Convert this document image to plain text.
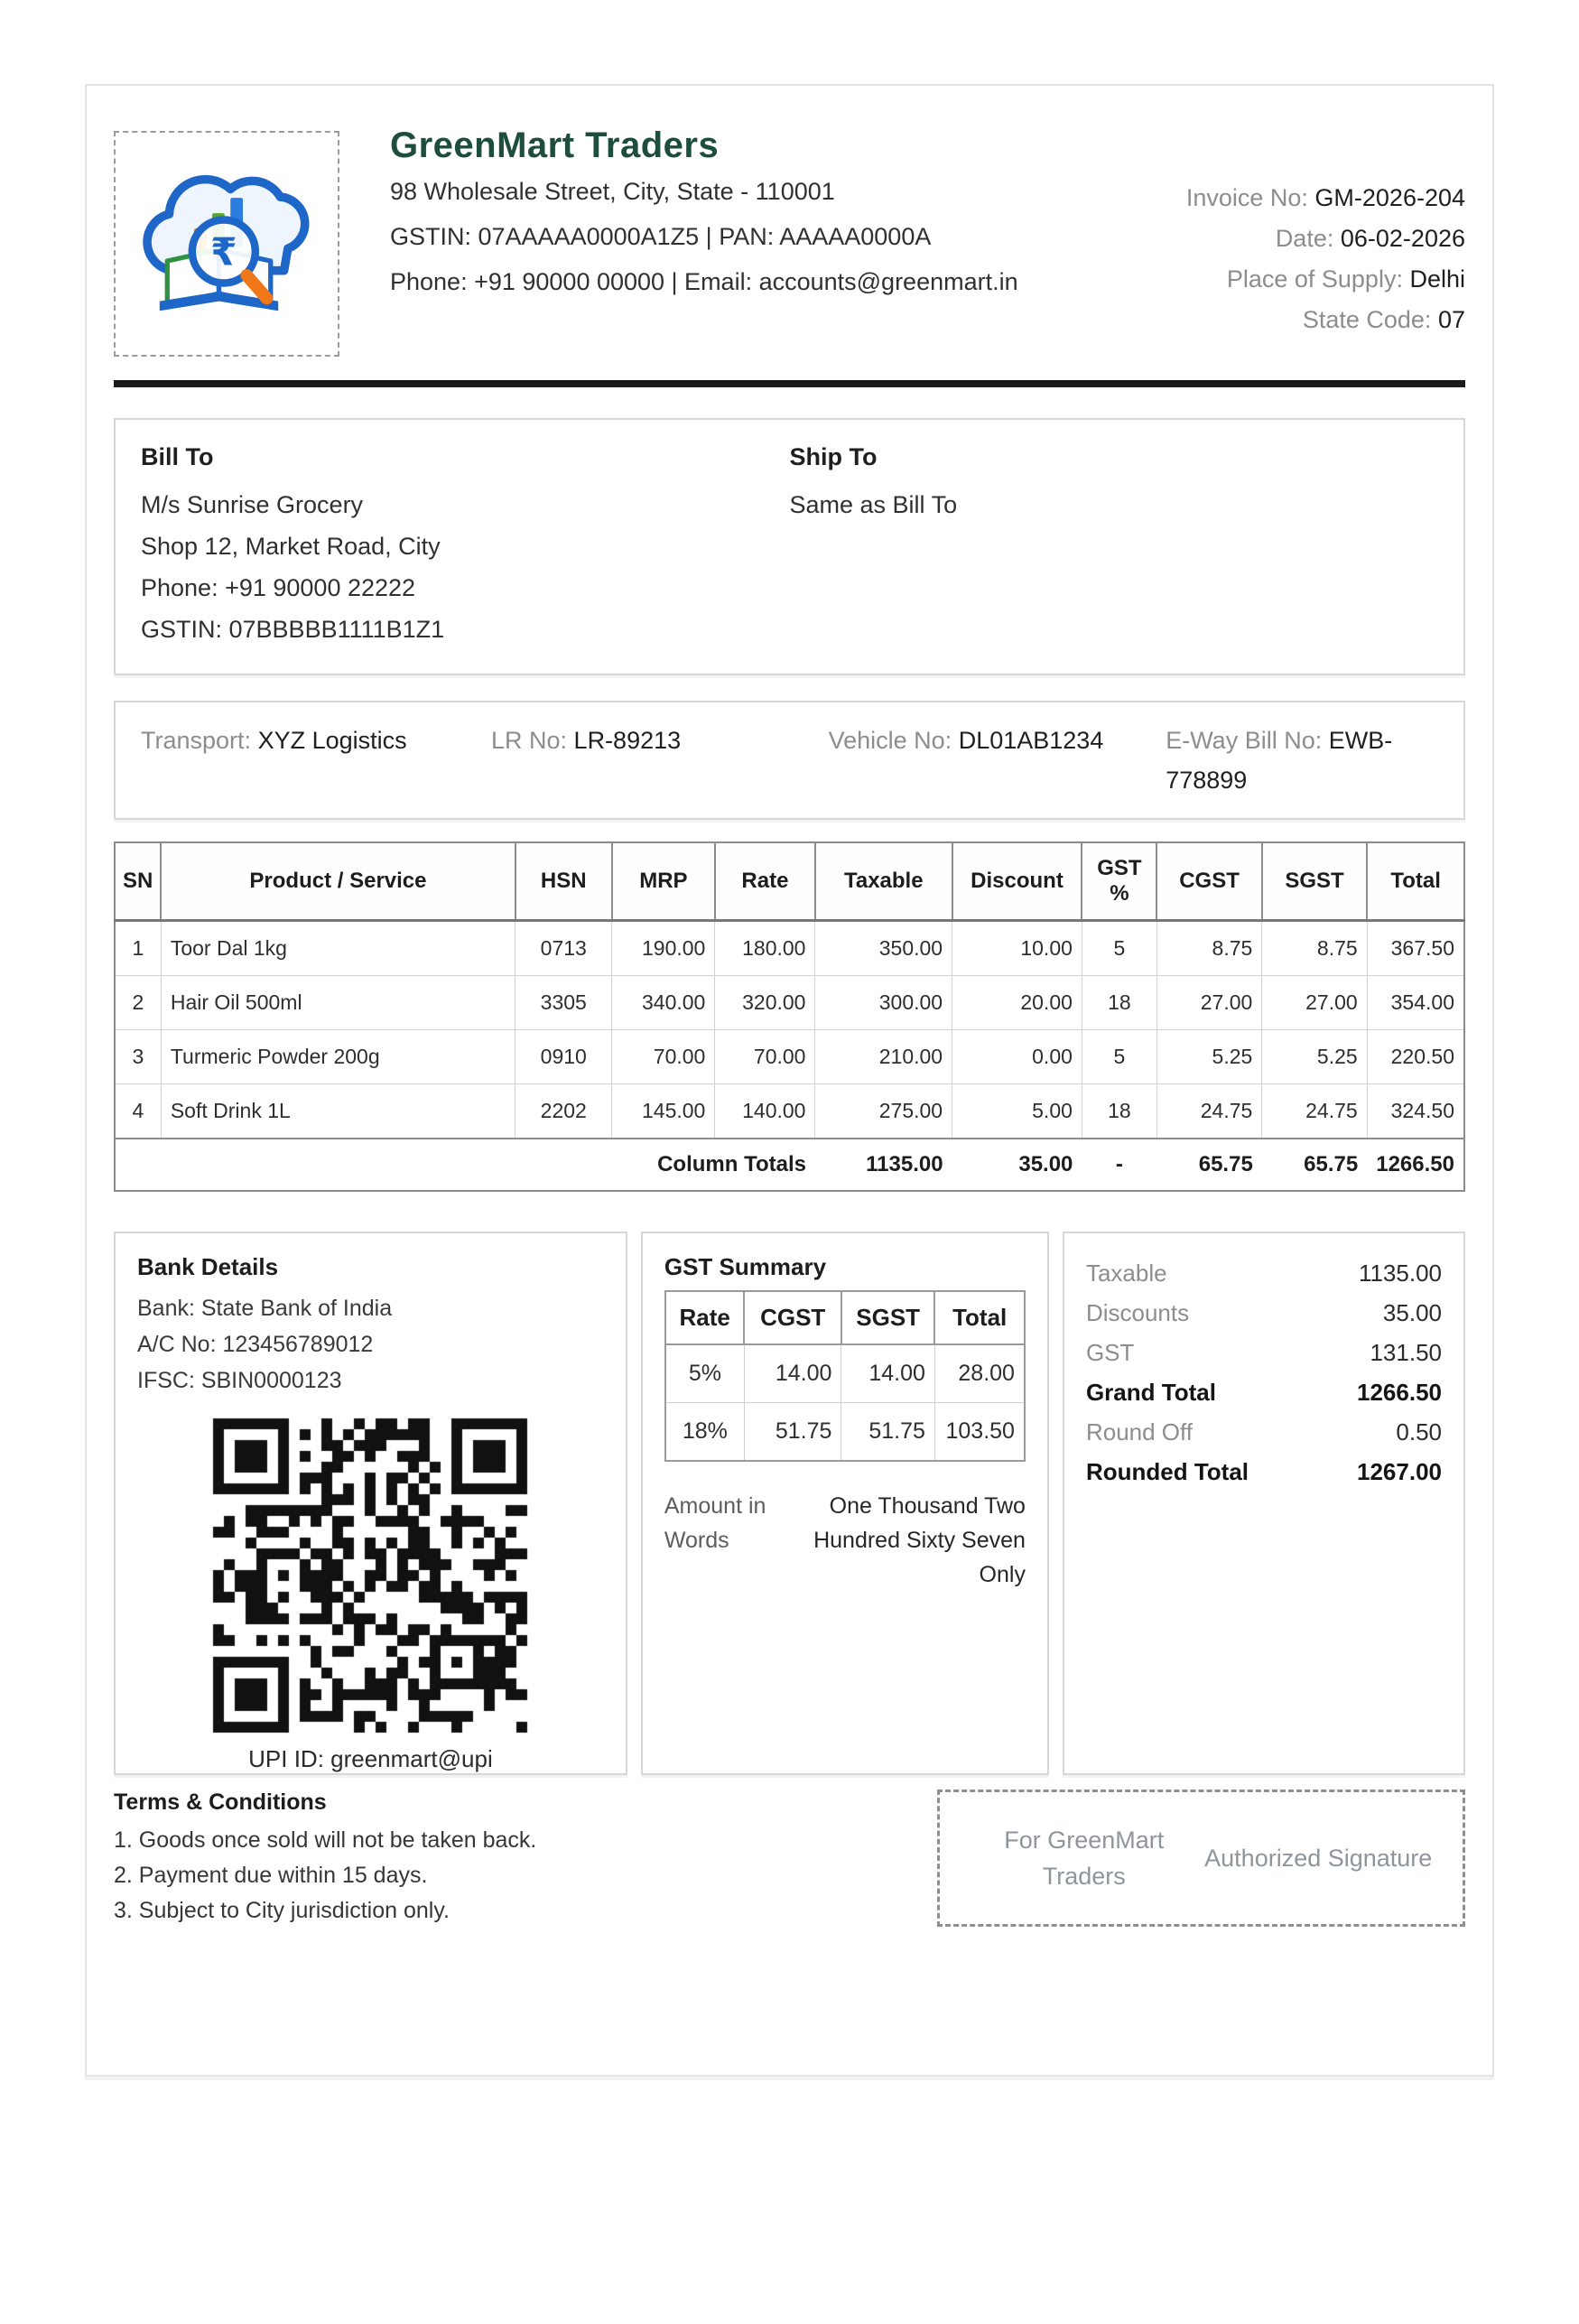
₹
GreenMart Traders
98 Wholesale Street, City, State - 110001
GSTIN: 07AAAAA0000A1Z5 | PAN: AAAAA0000A
Phone: +91 90000 00000 | Email: accounts@greenmart.in
Invoice No: GM-2026-204
Date: 06-02-2026
Place of Supply: Delhi
State Code: 07
Bill To
M/s Sunrise Grocery
Shop 12, Market Road, City
Phone: +91 90000 22222
GSTIN: 07BBBBB1111B1Z1
Ship To
Same as Bill To
Transport: XYZ Logistics	LR No: LR-89213	Vehicle No: DL01AB1234	E-Way Bill No: EWB-778899
SN	Product / Service	HSN	MRP	Rate	Taxable	Discount	GST %	CGST	SGST	Total
1	Toor Dal 1kg	0713	190.00	180.00	350.00	10.00	5	8.75	8.75	367.50
2	Hair Oil 500ml	3305	340.00	320.00	300.00	20.00	18	27.00	27.00	354.00
3	Turmeric Powder 200g	0910	70.00	70.00	210.00	0.00	5	5.25	5.25	220.50
4	Soft Drink 1L	2202	145.00	140.00	275.00	5.00	18	24.75	24.75	324.50
Column Totals					1135.00	35.00	-	65.75	65.75	1266.50
Bank Details
Bank: State Bank of India
A/C No: 123456789012
IFSC: SBIN0000123
UPI ID: greenmart@upi
GST Summary
Rate	CGST	SGST	Total
5%	14.00	14.00	28.00
18%	51.75	51.75	103.50
Amount in Words
One Thousand Two Hundred Sixty Seven Only
Taxable	1135.00
Discounts	35.00
GST	131.50
Grand Total	1266.50
Round Off	0.50
Rounded Total	1267.00
Terms & Conditions
1. Goods once sold will not be taken back.
2. Payment due within 15 days.
3. Subject to City jurisdiction only.
For GreenMart Traders
Authorized Signature
